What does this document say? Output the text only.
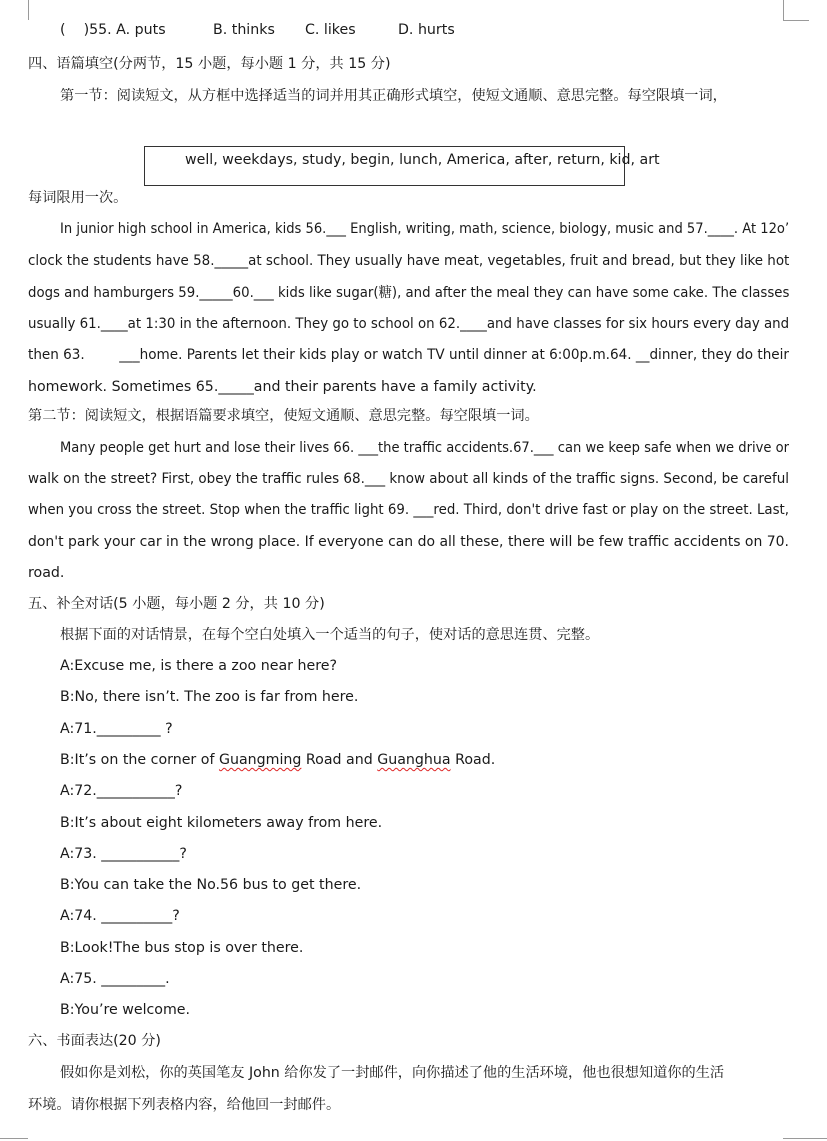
(    )55. A. puts	B. thinks C. likes	D. hurts
四、语篇填空(分两节，15 小题，每小题 1 分，共 15 分)
第一节：阅读短文，从方框中选择适当的词并用其正确形式填空，使短文通顺、意思完整。每空限填一词，
well, weekdays, study, begin, lunch, America, after, return, kid, art
每词限用一次。
In junior high school in America, kids 56.___ English, writing, math, science, biology, music and 57.____. At 12o’
clock the students have 58._____at school. They usually have meat, vegetables, fruit and bread, but they like hot
dogs and hamburgers 59._____60.___ kids like sugar(糖), and after the meal they can have some cake. The classes
usually 61.____at 1:30 in the afternoon. They go to school on 62.____and have classes for six hours every day and
then 63.        ___home. Parents let their kids play or watch TV until dinner at 6:00p.m.64. __dinner, they do their
homework. Sometimes 65._____and their parents have a family activity.
第二节：阅读短文，根据语篇要求填空，使短文通顺、意思完整。每空限填一词。
Many people get hurt and lose their lives 66. ___the traffic accidents.67.___ can we keep safe when we drive or
walk on the street? First, obey the traffic rules 68.___ know about all kinds of the traffic signs. Second, be careful
when you cross the street. Stop when the traffic light 69. ___red. Third, don't drive fast or play on the street. Last,
don't park your car in the wrong place. If everyone can do all these, there will be few traffic accidents on 70.
road.
五、补全对话(5 小题，每小题 2 分，共 10 分)
根据下面的对话情景，在每个空白处填入一个适当的句子，使对话的意思连贯、完整。
A:Excuse me, is there a zoo near here?
B:No, there isn’t. The zoo is far from here.
A:71._________ ?
B:It’s on the corner of Guangming Road and Guanghua Road.
A:72.___________?
B:It’s about eight kilometers away from here.
A:73. ___________?
B:You can take the No.56 bus to get there.
A:74. __________?
B:Look!The bus stop is over there.
A:75. _________.
B:You’re welcome.
六、书面表达(20 分)
假如你是刘松，你的英国笔友 John 给你发了一封邮件，向你描述了他的生活环境，他也很想知道你的生活
环境。请你根据下列表格内容，给他回一封邮件。
